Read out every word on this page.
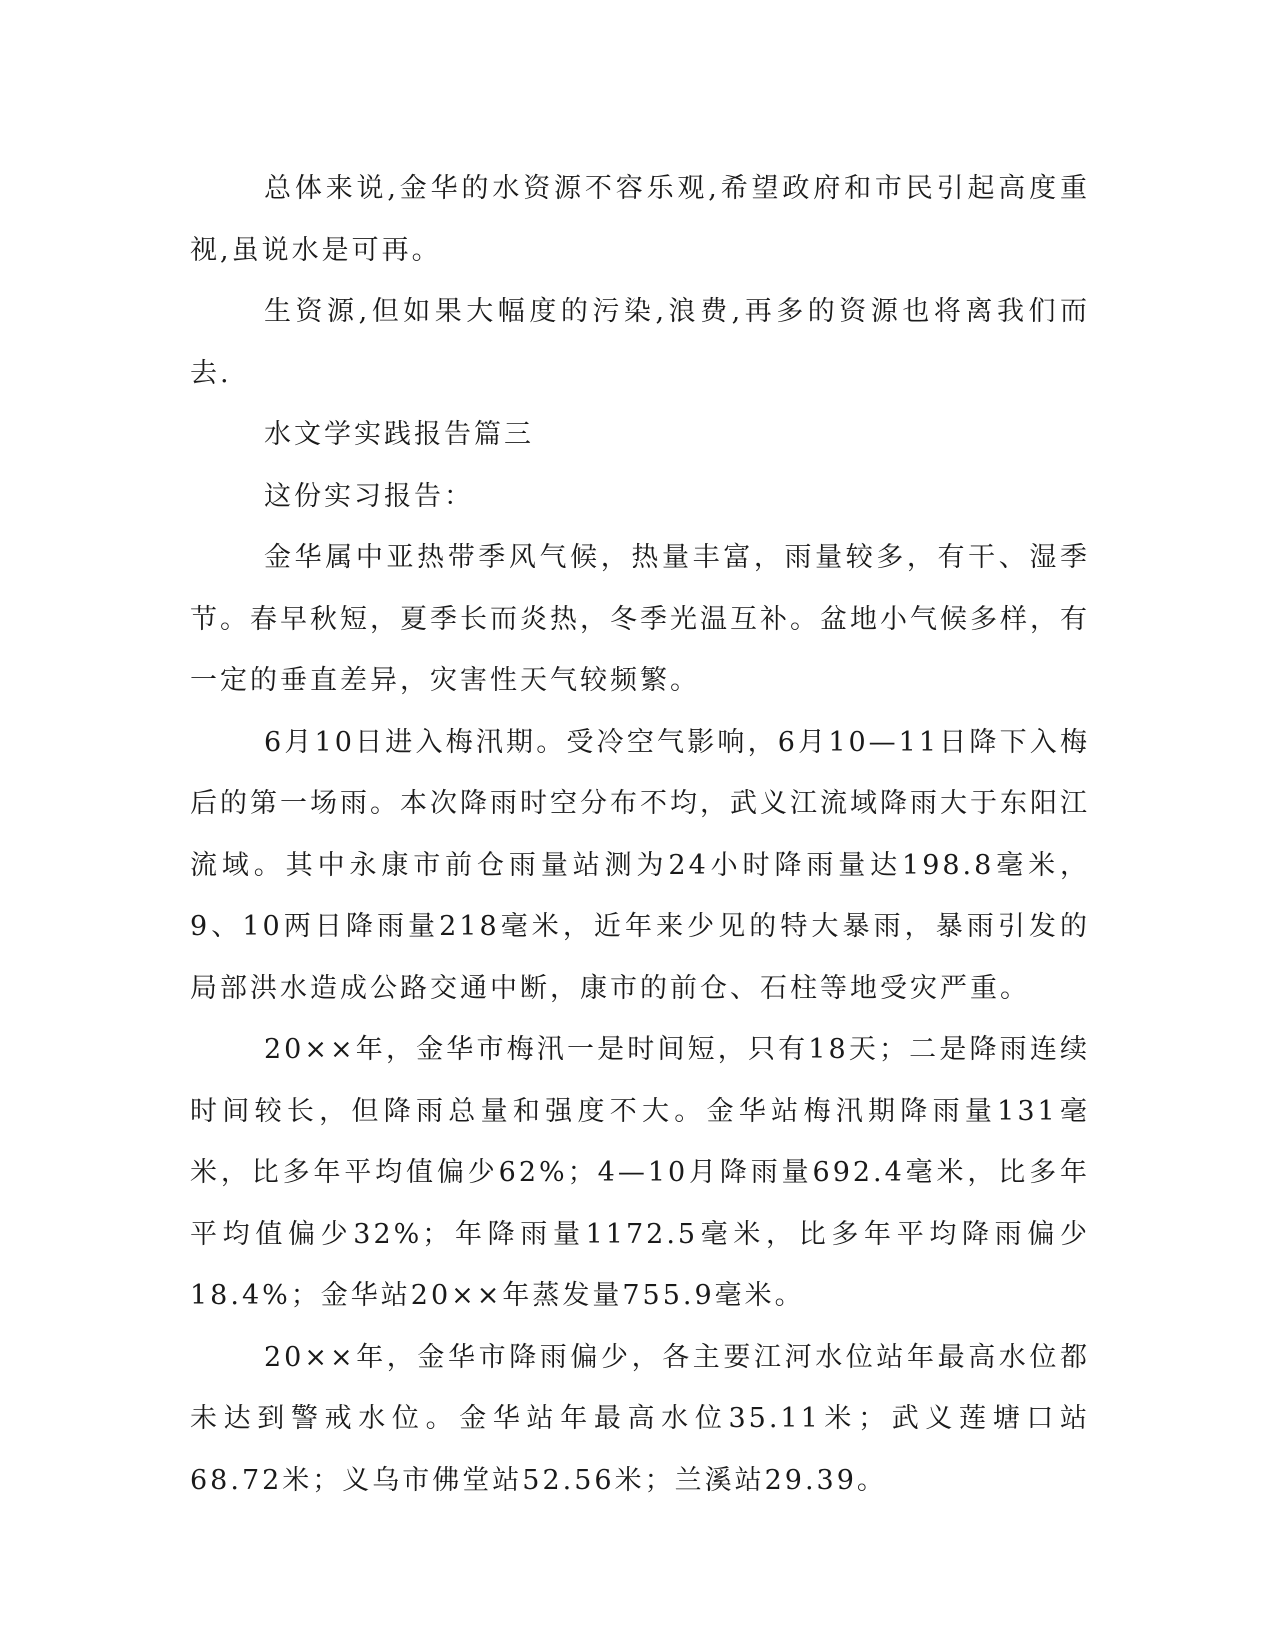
总体来说,金华的水资源不容乐观,希望政府和市民引起高度重视,虽说水是可再。

生资源,但如果大幅度的污染,浪费,再多的资源也将离我们而去.

水文学实践报告篇三

这份实习报告：

金华属中亚热带季风气候，热量丰富，雨量较多，有干、湿季节。春早秋短，夏季长而炎热，冬季光温互补。盆地小气候多样，有一定的垂直差异，灾害性天气较频繁。

6月10日进入梅汛期。受冷空气影响，6月10—11日降下入梅后的第一场雨。本次降雨时空分布不均，武义江流域降雨大于东阳江流域。其中永康市前仓雨量站测为24小时降雨量达198.8毫米，9、10两日降雨量218毫米，近年来少见的特大暴雨，暴雨引发的局部洪水造成公路交通中断，康市的前仓、石柱等地受灾严重。

20××年，金华市梅汛一是时间短，只有18天；二是降雨连续时间较长，但降雨总量和强度不大。金华站梅汛期降雨量131毫米，比多年平均值偏少62%；4—10月降雨量692.4毫米，比多年平均值偏少32%；年降雨量1172.5毫米，比多年平均降雨偏少18.4%；金华站20××年蒸发量755.9毫米。

20××年，金华市降雨偏少，各主要江河水位站年最高水位都未达到警戒水位。金华站年最高水位35.11米；武义莲塘口站68.72米；义乌市佛堂站52.56米；兰溪站29.39。
